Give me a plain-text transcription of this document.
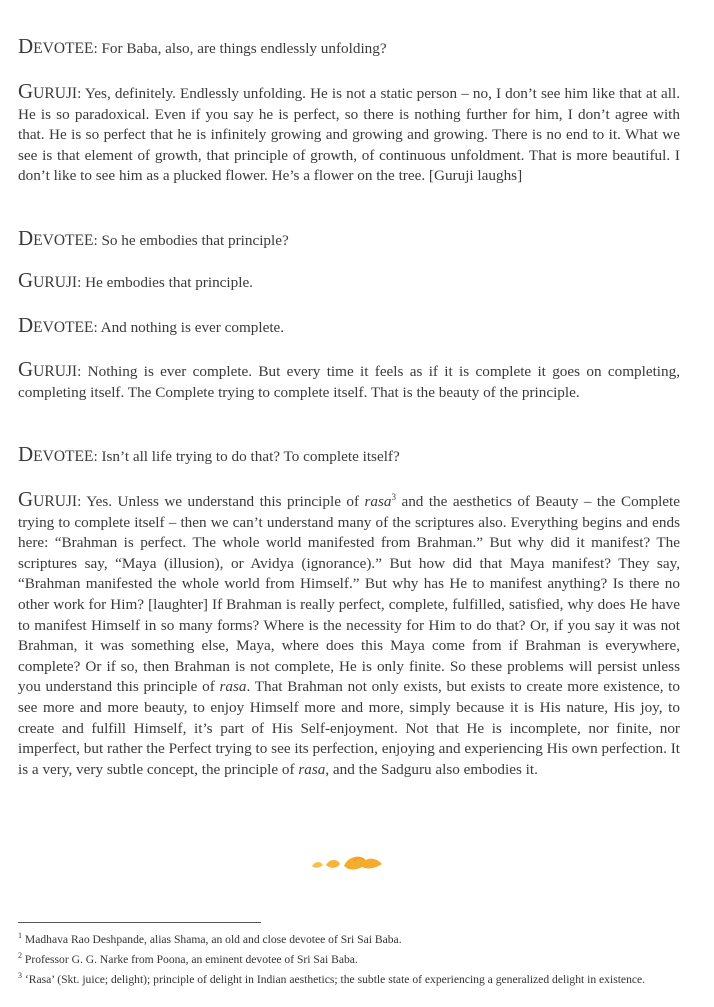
DEVOTEE: For Baba, also, are things endlessly unfolding?

GURUJI: Yes, definitely. Endlessly unfolding. He is not a static person – no, I don’t see him like that at all. He is so paradoxical. Even if you say he is perfect, so there is nothing further for him, I don’t agree with that. He is so perfect that he is infinitely growing and growing and growing. There is no end to it. What we see is that element of growth, that principle of growth, of continuous unfoldment. That is more beautiful. I don’t like to see him as a plucked flower. He’s a flower on the tree. [Guruji laughs]

DEVOTEE: So he embodies that principle?

GURUJI: He embodies that principle.

DEVOTEE: And nothing is ever complete.

GURUJI: Nothing is ever complete. But every time it feels as if it is complete it goes on completing, completing itself. The Complete trying to complete itself. That is the beauty of the principle.

DEVOTEE: Isn’t all life trying to do that? To complete itself?

GURUJI: Yes. Unless we understand this principle of rasa$^3$ and the aesthetics of Beauty – the Complete trying to complete itself – then we can’t understand many of the scriptures also. Everything begins and ends here: “Brahman is perfect. The whole world manifested from Brahman.” But why did it manifest? The scriptures say, “Maya (illusion), or Avidya (ignorance).” But how did that Maya manifest? They say, “Brahman manifested the whole world from Himself.” But why has He to manifest anything? Is there no other work for Him? [laughter] If Brahman is really perfect, complete, fulfilled, satisfied, why does He have to manifest Himself in so many forms? Where is the necessity for Him to do that? Or, if you say it was not Brahman, it was something else, Maya, where does this Maya come from if Brahman is everywhere, complete? Or if so, then Brahman is not complete, He is only finite. So these problems will persist unless you understand this principle of rasa. That Brahman not only exists, but exists to create more existence, to see more and more beauty, to enjoy Himself more and more, simply because it is His nature, His joy, to create and fulfill Himself, it’s part of His Self-enjoyment. Not that He is incomplete, nor finite, nor imperfect, but rather the Perfect trying to see its perfection, enjoying and experiencing His own perfection. It is a very, very subtle concept, the principle of rasa, and the Sadguru also embodies it.

$^1$ Madhava Rao Deshpande, alias Shama, an old and close devotee of Sri Sai Baba.
$^2$ Professor G. G. Narke from Poona, an eminent devotee of Sri Sai Baba.
$^3$ ‘Rasa’ (Skt. juice; delight); principle of delight in Indian aesthetics; the subtle state of experiencing a generalized delight in existence.
